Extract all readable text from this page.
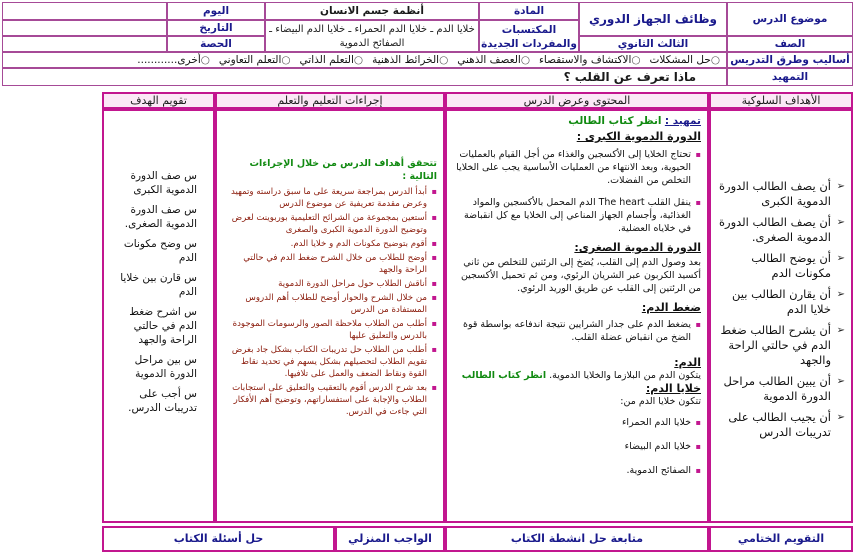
موضوع الدرس
وظائف الجهاز الدوري
المادة
أنظمة جسم الانسان
اليوم
المكتسبات والمفردات الجديدة
خلايا الدم ـ خلايا الدم الحمراء ـ خلايا الدم البيضاء ـ الصفائح الدموية
التاريخ
الصف
الثالث الثانوي
الحصة
أساليب وطرق التدريس
○حل المشكلات
○الاكتشاف والاستقصاء
○العصف الذهني
○الخرائط الذهنية
○التعلم الذاتي
○التعلم التعاوني
○أخرى............
التمهيد
ماذا تعرف عن القلب ؟
الأهداف السلوكية
المحتوى وعرض الدرس
إجراءات التعليم والتعلم
تقويم الهدف
➢
أن يصف الطالب الدورة الدموية الكبرى
➢
أن يصف الطالب الدورة الدموية الصغرى.
➢
أن يوضح الطالب مكونات الدم
➢
أن يقارن الطالب بين خلايا الدم
➢
أن يشرح الطالب ضغط الدم في حالتي الراحة والجهد
➢
أن يبين الطالب مراحل الدورة الدموية
➢
أن يجيب الطالب على تدريبات الدرس

تمهيد : انظر كتاب الطالب

الدورة الدموية الكبرى :

▪ تحتاج الخلايا إلى الأكسجين والغذاء من أجل القيام بالعمليات الحيوية، وبعد الانتهاء من العمليات الأساسية يجب على الخلايا التخلص من الفضلات.

▪ ينقل القلب The heart الدم المحمل بالأكسجين والمواد الغذائية، وأجسام الجهاز المناعي إلى الخلايا مع كل انقباضة في خلاياه العضلية.

الدورة الدموية الصغرى:

بعد وصول الدم إلى القلب، يُضخ إلى الرئتين للتخلص من ثاني أكسيد الكربون عبر الشريان الرئوي، ومن ثم تحميل الأكسجين من الرئتين إلى القلب عن طريق الوريد الرئوي.

ضغط الدم:

▪ يضغط الدم على جدار الشرايين نتيجة اندفاعه بواسطة قوة الضخ من انقباض عضلة القلب.

الدم:

يتكون الدم من البلازما والخلايا الدموية. انظر كتاب الطالب

خلايا الدم:

تتكون خلايا الدم من:

▪ خلايا الدم الحمراء

▪ خلايا الدم البيضاء

▪ الصفائح الدموية.

تتحقق أهداف الدرس من خلال الإجراءات التالية :

▪
أبدأ الدرس بمراجعة سريعة على ما سبق دراسته وتمهيد وعرض مقدمة تعريفية عن موضوع الدرس
▪
أستعين بمجموعة من الشرائح التعليمية بوربوينت لعرض وتوضيح الدورة الدموية الكبرى والصغرى
▪
أقوم بتوضيح مكونات الدم و خلايا الدم.
▪
أوضح للطلاب من خلال الشرح ضغط الدم في حالتي الراحة والجهد
▪
أناقش الطلاب حول مراحل الدورة الدموية
▪
من خلال الشرح والحوار أوضح للطلاب أهم الدروس المستفادة من الدرس
▪
أطلب من الطلاب ملاحظة الصور والرسومات الموجودة بالدرس والتعليق عليها
▪
أطلب من الطلاب حل تدريبات الكتاب بشكل جاد بغرض تقويم الطلاب لتحصيلهم بشكل يسهم في تحديد نقاط القوة ونقاط الضعف والعمل على تلافيها.
▪
بعد شرح الدرس أقوم بالتعقيب والتعليق على استجابات الطلاب والإجابة على استفساراتهم، وتوضيح أهم الأفكار التي جاءت في الدرس.
س صف الدورة الدموية الكبرى
س صف الدورة الدموية الصغرى.
س وضح مكونات الدم
س قارن بين خلايا الدم
س اشرح ضغط الدم في حالتي الراحة والجهد
س بين مراحل الدورة الدموية
س أجب على تدريبات الدرس.
التقويم الختامي
متابعة حل انشطة الكتاب
الواجب المنزلي
حل أسئلة الكتاب
